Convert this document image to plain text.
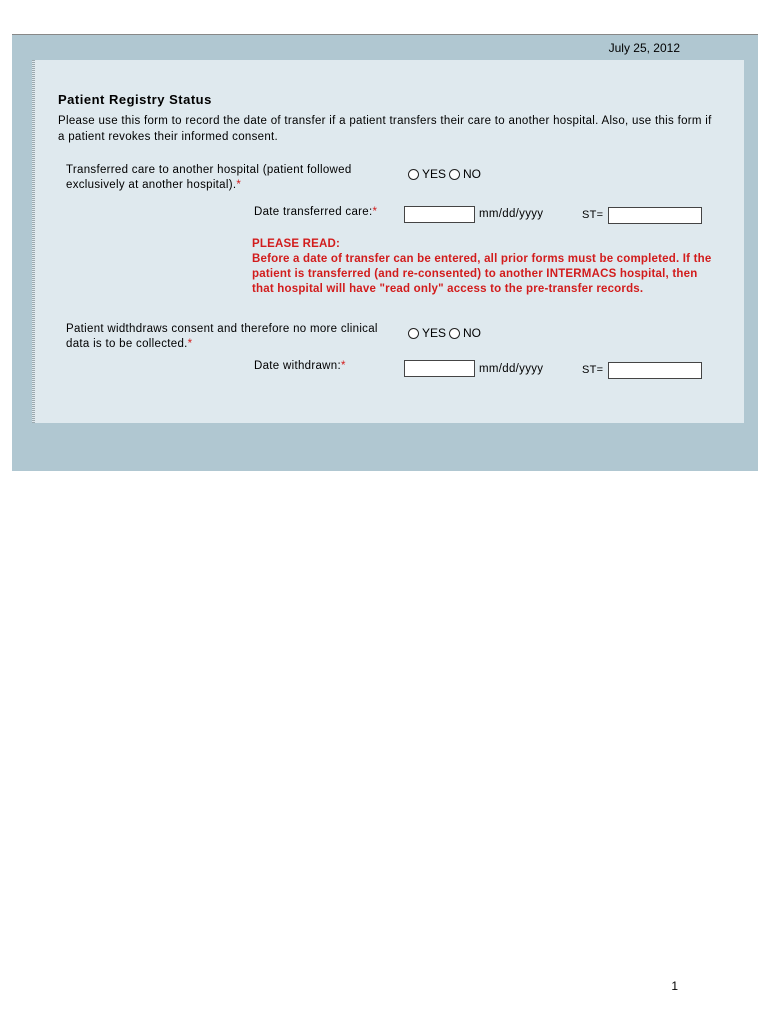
July 25, 2012
Patient Registry Status
Please use this form to record the date of transfer if a patient transfers their care to another hospital. Also, use this form if a patient revokes their informed consent.
Transferred care to another hospital (patient followed exclusively at another hospital).*
YES NO
Date transferred care:*	mm/dd/yyyy	ST=
PLEASE READ:
Before a date of transfer can be entered, all prior forms must be completed. If the patient is transferred (and re-consented) to another INTERMACS hospital, then that hospital will have "read only" access to the pre-transfer records.
Patient widthdraws consent and therefore no more clinical data is to be collected.*
YES NO
Date withdrawn:*	mm/dd/yyyy	ST=
1
